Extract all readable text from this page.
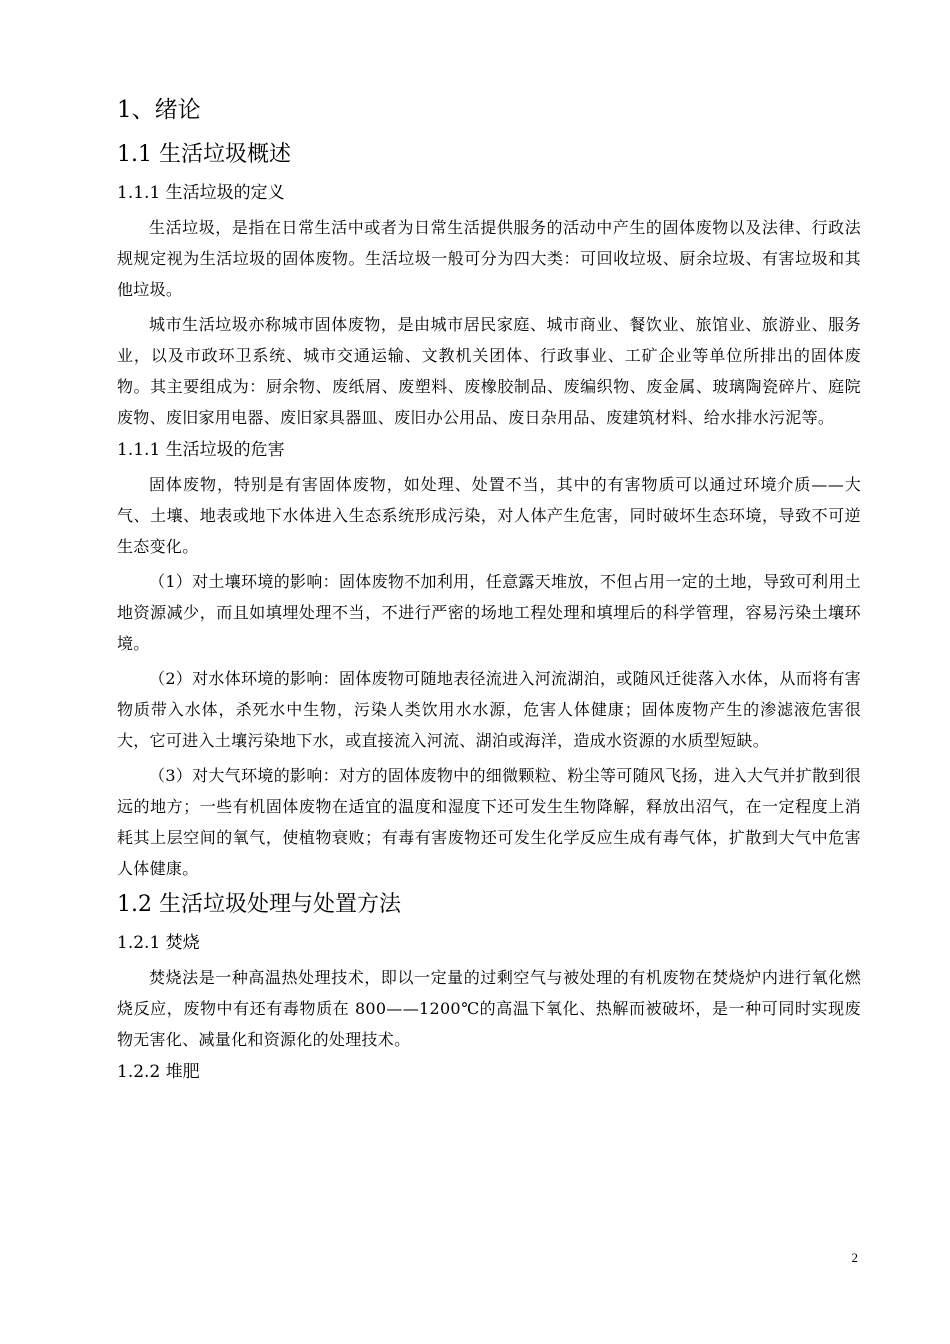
1、绪论
1.1 生活垃圾概述
1.1.1 生活垃圾的定义

生活垃圾，是指在日常生活中或者为日常生活提供服务的活动中产生的固体废物以及法律、行政法规规定视为生活垃圾的固体废物。生活垃圾一般可分为四大类：可回收垃圾、厨余垃圾、有害垃圾和其他垃圾。

城市生活垃圾亦称城市固体废物，是由城市居民家庭、城市商业、餐饮业、旅馆业、旅游业、服务业，以及市政环卫系统、城市交通运输、文教机关团体、行政事业、工矿企业等单位所排出的固体废物。其主要组成为：厨余物、废纸屑、废塑料、废橡胶制品、废编织物、废金属、玻璃陶瓷碎片、庭院废物、废旧家用电器、废旧家具器皿、废旧办公用品、废日杂用品、废建筑材料、给水排水污泥等。

1.1.1 生活垃圾的危害

固体废物，特别是有害固体废物，如处理、处置不当，其中的有害物质可以通过环境介质——大气、土壤、地表或地下水体进入生态系统形成污染，对人体产生危害，同时破坏生态环境，导致不可逆生态变化。

（1）对土壤环境的影响：固体废物不加利用，任意露天堆放，不但占用一定的土地，导致可利用土地资源减少，而且如填埋处理不当，不进行严密的场地工程处理和填埋后的科学管理，容易污染土壤环境。

（2）对水体环境的影响：固体废物可随地表径流进入河流湖泊，或随风迁徙落入水体，从而将有害物质带入水体，杀死水中生物，污染人类饮用水水源，危害人体健康；固体废物产生的渗滤液危害很大，它可进入土壤污染地下水，或直接流入河流、湖泊或海洋，造成水资源的水质型短缺。

（3）对大气环境的影响：对方的固体废物中的细微颗粒、粉尘等可随风飞扬，进入大气并扩散到很远的地方；一些有机固体废物在适宜的温度和湿度下还可发生生物降解，释放出沼气，在一定程度上消耗其上层空间的氧气，使植物衰败；有毒有害废物还可发生化学反应生成有毒气体，扩散到大气中危害人体健康。

1.2 生活垃圾处理与处置方法
1.2.1 焚烧

焚烧法是一种高温热处理技术，即以一定量的过剩空气与被处理的有机废物在焚烧炉内进行氧化燃烧反应，废物中有还有毒物质在 800——1200℃的高温下氧化、热解而被破坏，是一种可同时实现废物无害化、减量化和资源化的处理技术。

1.2.2 堆肥
2
